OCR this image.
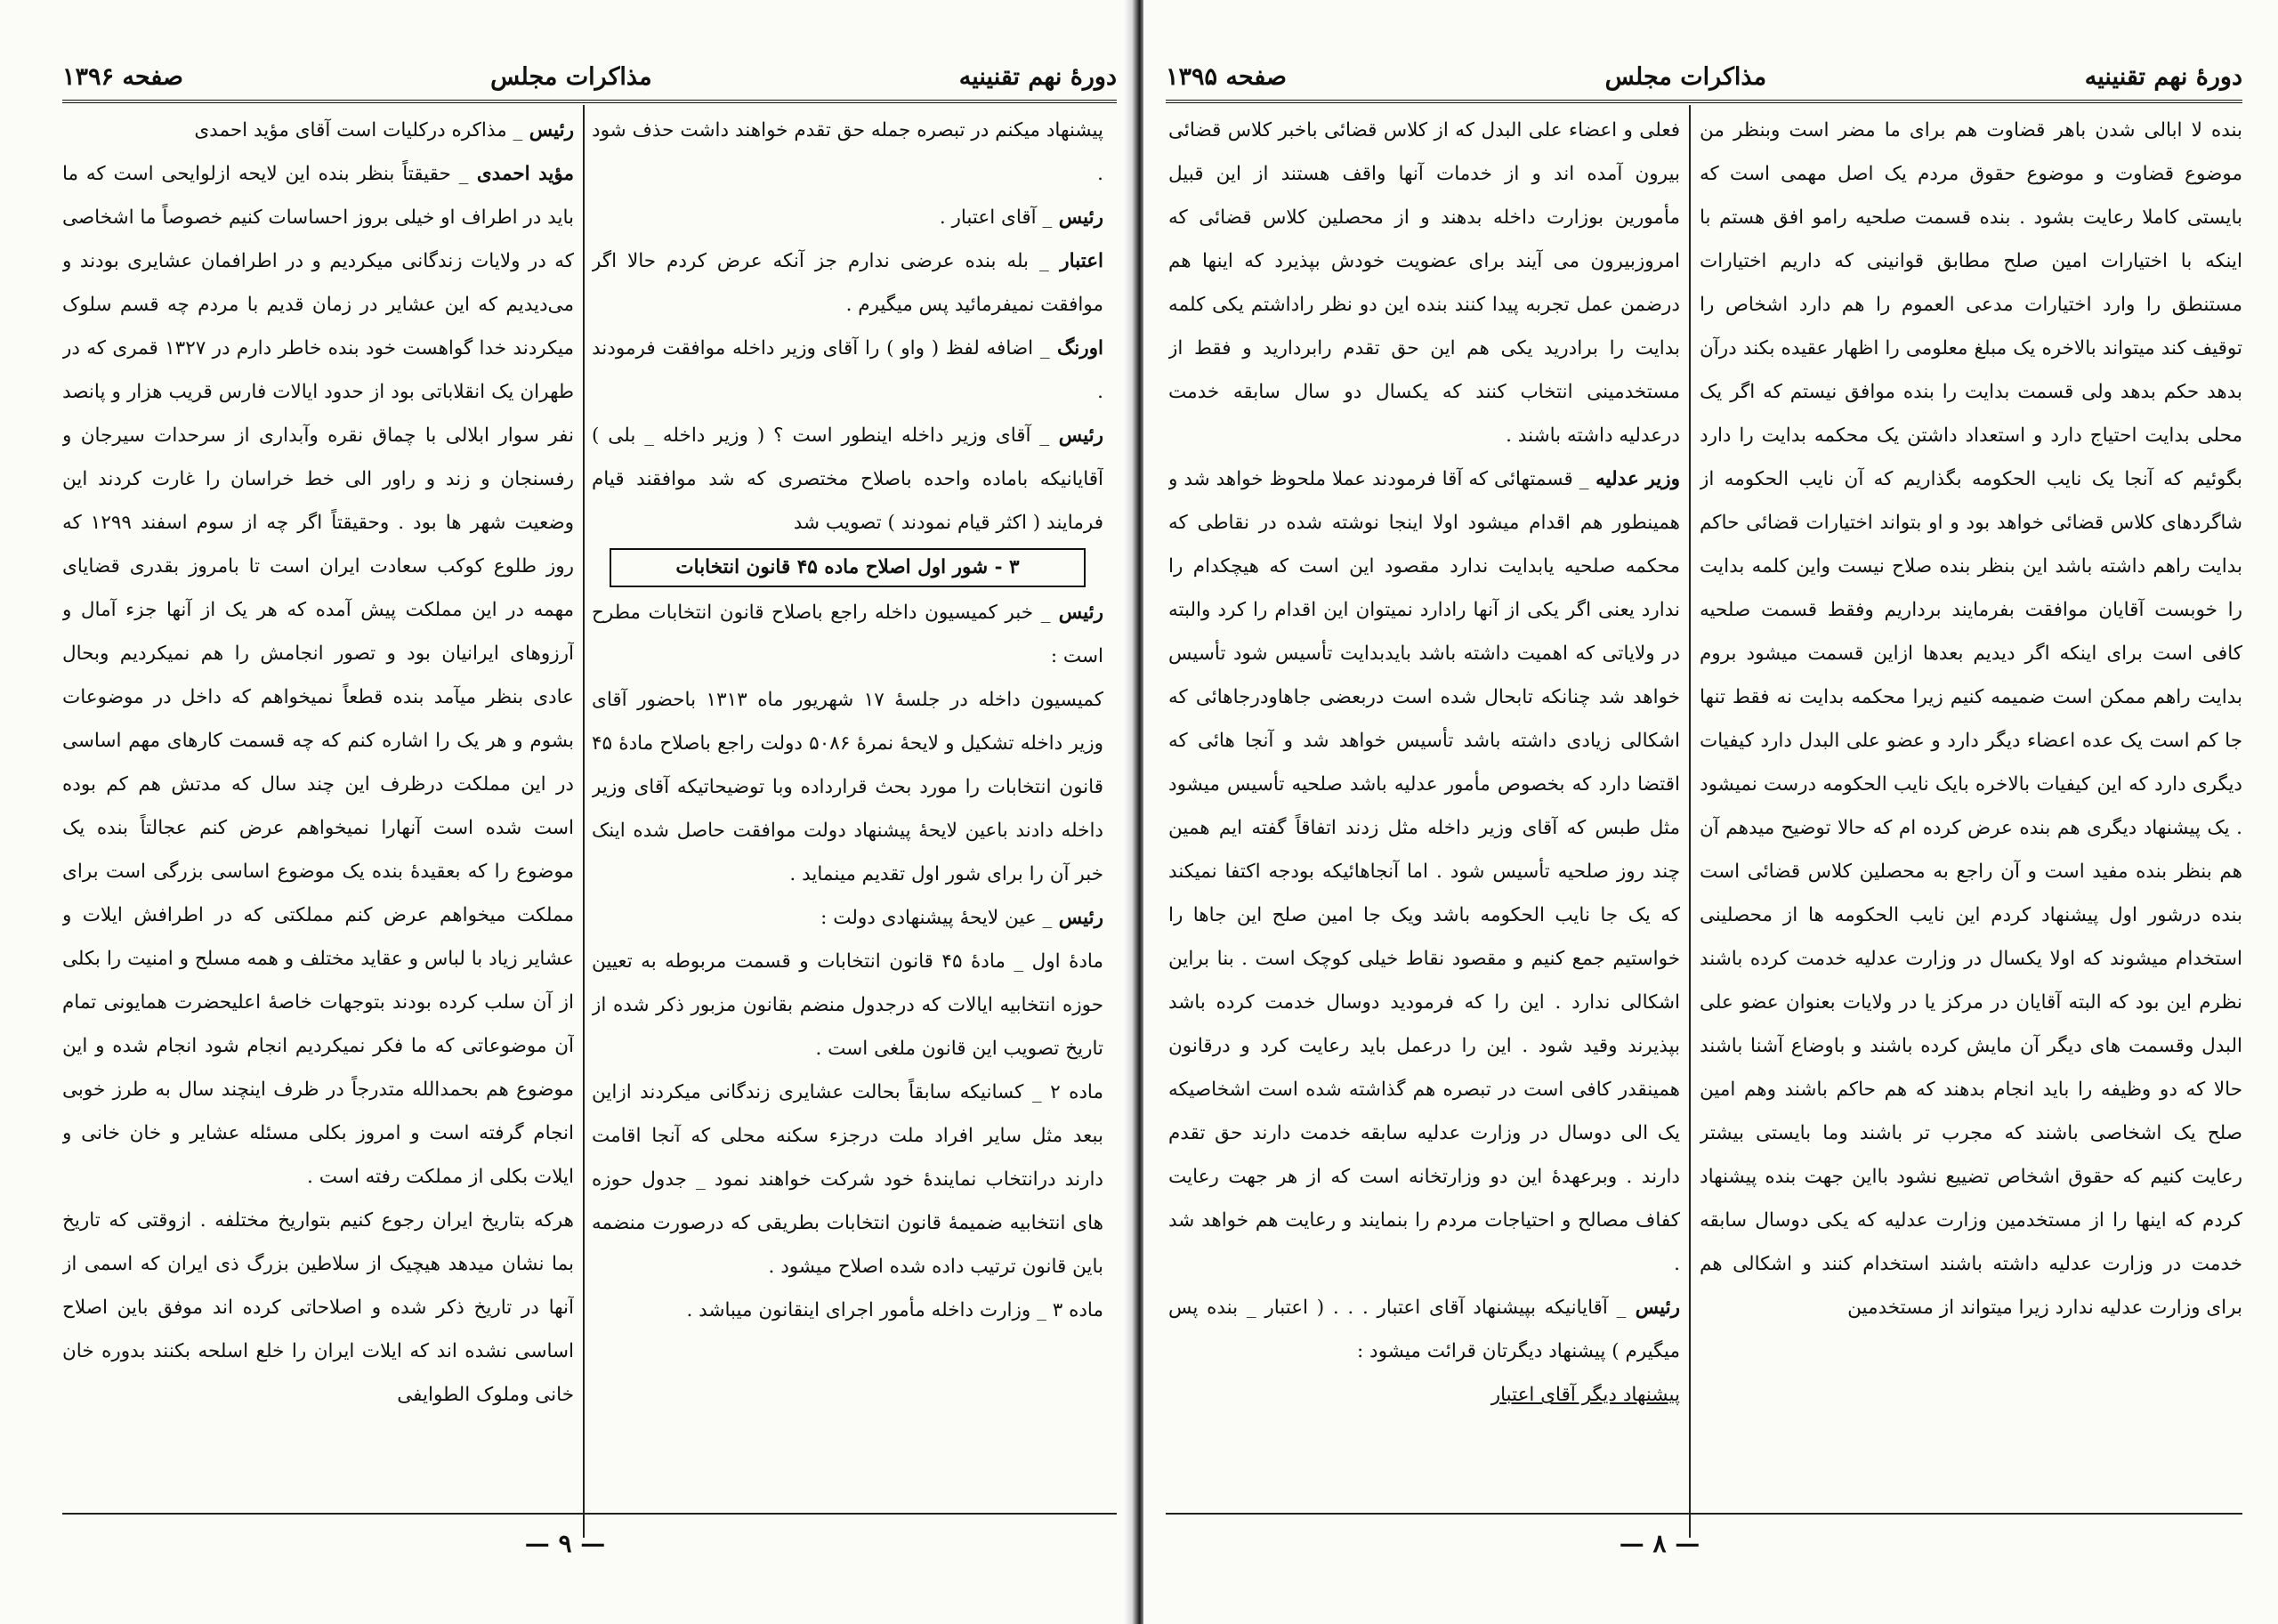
دورهٔ نهم تقنینیه
مذاکرات مجلس
صفحه ۱۳۹۶

پیشنهاد میکنم در تبصره جمله حق تقدم خواهند داشت حذف شود .

رئیس _ آقای اعتبار .

اعتبار _ بله بنده عرضی ندارم جز آنکه عرض کردم حالا اگر موافقت نمیفرمائید پس میگیرم .

اورنگ _ اضافه لفظ ( واو ) را آقای وزیر داخله موافقت فرمودند .

رئیس _ آقای وزیر داخله اینطور است ؟ ( وزیر داخله _ بلی ) آقایانیکه باماده واحده باصلاح مختصری که شد موافقند قیام فرمایند ( اکثر قیام نمودند ) تصویب شد

۳ - شور اول اصلاح ماده ۴۵ قانون انتخابات

رئیس _ خبر کمیسیون داخله راجع باصلاح قانون انتخابات مطرح است :

کمیسیون داخله در جلسهٔ ۱۷ شهریور ماه ۱۳۱۳ باحضور آقای وزیر داخله تشکیل و لایحهٔ نمرهٔ ۵۰۸۶ دولت راجع باصلاح مادهٔ ۴۵ قانون انتخابات را مورد بحث قرارداده وبا توضیحاتیکه آقای وزیر داخله دادند باعین لایحهٔ پیشنهاد دولت موافقت حاصل شده اینک خبر آن را برای شور اول تقدیم مینماید .

رئیس _ عین لایحهٔ پیشنهادی دولت :

مادهٔ اول _ مادهٔ ۴۵ قانون انتخابات و قسمت مربوطه به تعیین حوزه انتخابیه ایالات که درجدول منضم بقانون مزبور ذکر شده از تاریخ تصویب این قانون ملغی است .

ماده ۲ _ کسانیکه سابقاً بحالت عشایری زندگانی میکردند ازاین ببعد مثل سایر افراد ملت درجزء سکنه محلی که آنجا اقامت دارند درانتخاب نمایندهٔ خود شرکت خواهند نمود _ جدول حوزه های انتخابیه ضمیمهٔ قانون انتخابات بطریقی که درصورت منضمه باین قانون ترتیب داده شده اصلاح میشود .

ماده ۳ _ وزارت داخله مأمور اجرای اینقانون میباشد .

رئیس _ مذاکره درکلیات است آقای مؤید احمدی

مؤید احمدی _ حقیقتاً بنظر بنده این لایحه ازلوایحی است که ما باید در اطراف او خیلی بروز احساسات کنیم خصوصاً ما اشخاصی که در ولایات زندگانی میکردیم و در اطرافمان عشایری بودند و می‌دیدیم که این عشایر در زمان قدیم با مردم چه قسم سلوک میکردند خدا گواهست خود بنده خاطر دارم در ۱۳۲۷ قمری که در طهران یک انقلاباتی بود از حدود ایالات فارس قریب هزار و پانصد نفر سوار ابلالی با چماق نقره وآبداری از سرحدات سیرجان و رفسنجان و زند و راور الی خط خراسان را غارت کردند این وضعیت شهر ها بود . وحقیقتاً اگر چه از سوم اسفند ۱۲۹۹ که روز طلوع کوکب سعادت ایران است تا بامروز بقدری قضایای مهمه در این مملکت پیش آمده که هر یک از آنها جزء آمال و آرزوهای ایرانیان بود و تصور انجامش را هم نمیکردیم وبحال عادی بنظر میآمد بنده قطعاً نمیخواهم که داخل در موضوعات بشوم و هر یک را اشاره کنم که چه قسمت کارهای مهم اساسی در این مملکت درظرف این چند سال که مدتش هم کم بوده است شده است آنهارا نمیخواهم عرض کنم عجالتاً بنده یک موضوع را که بعقیدهٔ بنده یک موضوع اساسی بزرگی است برای مملکت میخواهم عرض کنم مملکتی که در اطرافش ایلات و عشایر زیاد با لباس و عقاید مختلف و همه مسلح و امنیت را بکلی از آن سلب کرده بودند بتوجهات خاصهٔ اعلیحضرت همایونی تمام آن موضوعاتی که ما فکر نمیکردیم انجام شود انجام شده و این موضوع هم بحمدالله متدرجاً در ظرف اینچند سال به طرز خوبی انجام گرفته است و امروز بکلی مسئله عشایر و خان خانی و ایلات بکلی از مملکت رفته است .

هرکه بتاریخ ایران رجوع کنیم بتواریخ مختلفه . ازوقتی که تاریخ بما نشان میدهد هیچیک از سلاطین بزرگ ذی ایران که اسمی از آنها در تاریخ ذکر شده و اصلاحاتی کرده اند موفق باین اصلاح اساسی نشده اند که ایلات ایران را خلع اسلحه بکنند بدوره خان خانی وملوک الطوایفی

— ۹ —
دورهٔ نهم تقنینیه
مذاکرات مجلس
صفحه ۱۳۹۵

بنده لا ابالی شدن باهر قضاوت هم برای ما مضر است وبنظر من موضوع قضاوت و موضوع حقوق مردم یک اصل مهمی است که بایستی کاملا رعایت بشود . بنده قسمت صلحیه رامو افق هستم با اینکه با اختیارات امین صلح مطابق قوانینی که داریم اختیارات مستنطق را وارد اختیارات مدعی العموم را هم دارد اشخاص را توقیف کند میتواند بالاخره یک مبلغ معلومی را اظهار عقیده بکند درآن بدهد حکم بدهد ولی قسمت بدایت را بنده موافق نیستم که اگر یک محلی بدایت احتیاج دارد و استعداد داشتن یک محکمه بدایت را دارد بگوئیم که آنجا یک نایب الحکومه بگذاریم که آن نایب الحکومه از شاگردهای کلاس قضائی خواهد بود و او بتواند اختیارات قضائی حاکم بدایت راهم داشته باشد این بنظر بنده صلاح نیست واین کلمه بدایت را خوبست آقایان موافقت بفرمایند برداریم وفقط قسمت صلحیه کافی است برای اینکه اگر دیدیم بعدها ازاین قسمت میشود بروم بدایت راهم ممکن است ضمیمه کنیم زیرا محکمه بدایت نه فقط تنها جا کم است یک عده اعضاء دیگر دارد و عضو علی البدل دارد کیفیات دیگری دارد که این کیفیات بالاخره بایک نایب الحکومه درست نمیشود . یک پیشنهاد دیگری هم بنده عرض کرده ام که حالا توضیح میدهم آن هم بنظر بنده مفید است و آن راجع به محصلین کلاس قضائی است بنده درشور اول پیشنهاد کردم این نایب الحکومه ها از محصلینی استخدام میشوند که اولا یکسال در وزارت عدلیه خدمت کرده باشند نظرم این بود که البته آقایان در مرکز یا در ولایات بعنوان عضو علی البدل وقسمت های دیگر آن مایش کرده باشند و باوضاع آشنا باشند حالا که دو وظیفه را باید انجام بدهند که هم حاکم باشند وهم امین صلح یک اشخاصی باشند که مجرب تر باشند وما بایستی بیشتر رعایت کنیم که حقوق اشخاص تضییع نشود بااین جهت بنده پیشنهاد کردم که اینها را از مستخدمین وزارت عدلیه که یکی دوسال سابقه خدمت در وزارت عدلیه داشته باشند استخدام کنند و اشکالی هم برای وزارت عدلیه ندارد زیرا میتواند از مستخدمین

فعلی و اعضاء علی البدل که از کلاس قضائی باخبر کلاس قضائی بیرون آمده اند و از خدمات آنها واقف هستند از این قبیل مأمورین بوزارت داخله بدهند و از محصلین کلاس قضائی که امروزبیرون می آیند برای عضویت خودش بپذیرد که اینها هم درضمن عمل تجربه پیدا کنند بنده این دو نظر راداشتم یکی کلمه بدایت را برادرید یکی هم این حق تقدم رابردارید و فقط از مستخدمینی انتخاب کنند که یکسال دو سال سابقه خدمت درعدلیه داشته باشند .

وزیر عدلیه _ قسمتهائی که آقا فرمودند عملا ملحوظ خواهد شد و همینطور هم اقدام میشود اولا اینجا نوشته شده در نقاطی که محکمه صلحیه یابدایت ندارد مقصود این است که هیچکدام را ندارد یعنی اگر یکی از آنها رادارد نمیتوان این اقدام را کرد والبته در ولایاتی که اهمیت داشته باشد بایدبدایت تأسیس شود تأسیس خواهد شد چنانکه تابحال شده است دربعضی جاهاودرجاهائی که اشکالی زیادی داشته باشد تأسیس خواهد شد و آنجا هائی که اقتضا دارد که بخصوص مأمور عدلیه باشد صلحیه تأسیس میشود مثل طبس که آقای وزیر داخله مثل زدند اتفاقاً گفته ایم همین چند روز صلحیه تأسیس شود . اما آنجاهائیکه بودجه اکتفا نمیکند که یک جا نایب الحکومه باشد ویک جا امین صلح این جاها را خواستیم جمع کنیم و مقصود نقاط خیلی کوچک است . بنا براین اشکالی ندارد . این را که فرمودید دوسال خدمت کرده باشد بپذیرند وقید شود . این را درعمل باید رعایت کرد و درقانون همینقدر کافی است در تبصره هم گذاشته شده است اشخاصیکه یک الی دوسال در وزارت عدلیه سابقه خدمت دارند حق تقدم دارند . وبرعهدهٔ این دو وزارتخانه است که از هر جهت رعایت کفاف مصالح و احتیاجات مردم را بنمایند و رعایت هم خواهد شد .

رئیس _ آقایانیکه بپیشنهاد آقای اعتبار . . . ( اعتبار _ بنده پس میگیرم ) پیشنهاد دیگرتان قرائت میشود :

پیشنهاد دیگر آقای اعتبار

— ۸ —
